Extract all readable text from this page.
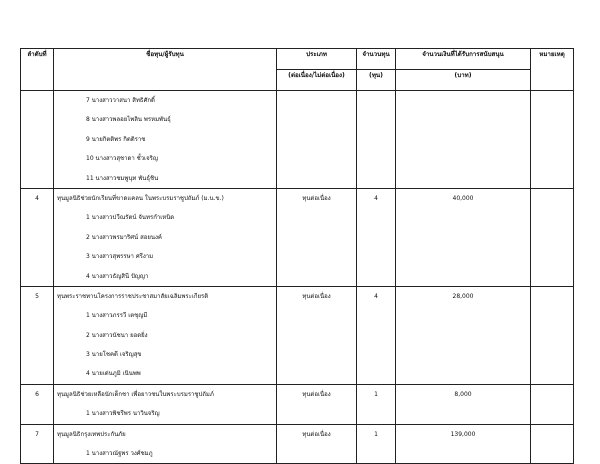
ลำดับที่	ชื่อทุน/ผู้รับทุน	ประเภท	จำนวนทุน	จำนวนเงินที่ได้รับการสนับสนุน	หมายเหตุ
		(ต่อเนื่อง/ไม่ต่อเนื่อง)	(ทุน)	(บาท)	

	7 นางสาววาสนา สิทธิศักดิ์
8 นางสาวพลอยไพลิน พรหมพันธุ์
9 นายกิตติพร กิตติราช
10 นางสาวสุชาดา ชั้วเจริญ
11 นางสาวชมพูนุท พันธุ์ชิน				

4	ทุนมูลนิธิช่วยนักเรียนที่ขาดแคลน ในพระบรมราชูปถัมภ์ (ม.น.ข.)
1 นางสาวปวีณรัตน์ จันทรกำเหนิด
2 นางสาวพรมาริศน์ สอยนงค์
3 นางสาวสุพรรษา ศรีงาม
4 นางสาวธัญสินี ปัญญา	ทุนต่อเนื่อง	4	40,000	

5	ทุนพระราชทานโครงการราชประชาสมาสัยเฉลิมพระเกียรติ
1 นางสาวภรรวี เตชุญมี
2 นางสาวนัชนา ยอดยิ่ง
3 นายโชคดี เจริญสุข
4 นายเด่นภูมิ เนินพพ	ทุนต่อเนื่อง	4	28,000	

6	ทุนมูลนิธิช่วยเหลือนักเด็กชา เพื่อยาวชนในพระบรมราชูปถัมภ์
1 นางสาวพิชรีพร นาวินจริญ	ทุนต่อเนื่อง	1	8,000	

7	ทุนมูลนิธิกรุงเทพประกันภัย
1 นางสาวณัฐพร วงศ์ชมภู	ทุนต่อเนื่อง	1	139,000	
